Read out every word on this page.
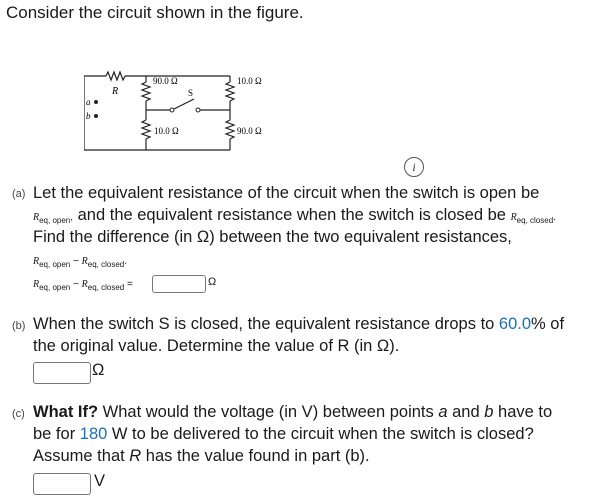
Consider the circuit shown in the figure.
R
90.0 Ω	10.0 Ω
10.0 Ω	90.0 Ω
S
a
b
i
(a) Let the equivalent resistance of the circuit when the switch is open be
$R_{eq, open}$, and the equivalent resistance when the switch is closed be $R_{eq, closed}$.
Find the difference (in Ω) between the two equivalent resistances,
$R_{eq, open} - R_{eq, closed}$.
$R_{eq, open} - R_{eq, closed}$ =	Ω
(b) When the switch S is closed, the equivalent resistance drops to 60.0% of
the original value. Determine the value of R (in Ω).
Ω
(c) What If? What would the voltage (in V) between points a and b have to
be for 180 W to be delivered to the circuit when the switch is closed?
Assume that R has the value found in part (b).
V
